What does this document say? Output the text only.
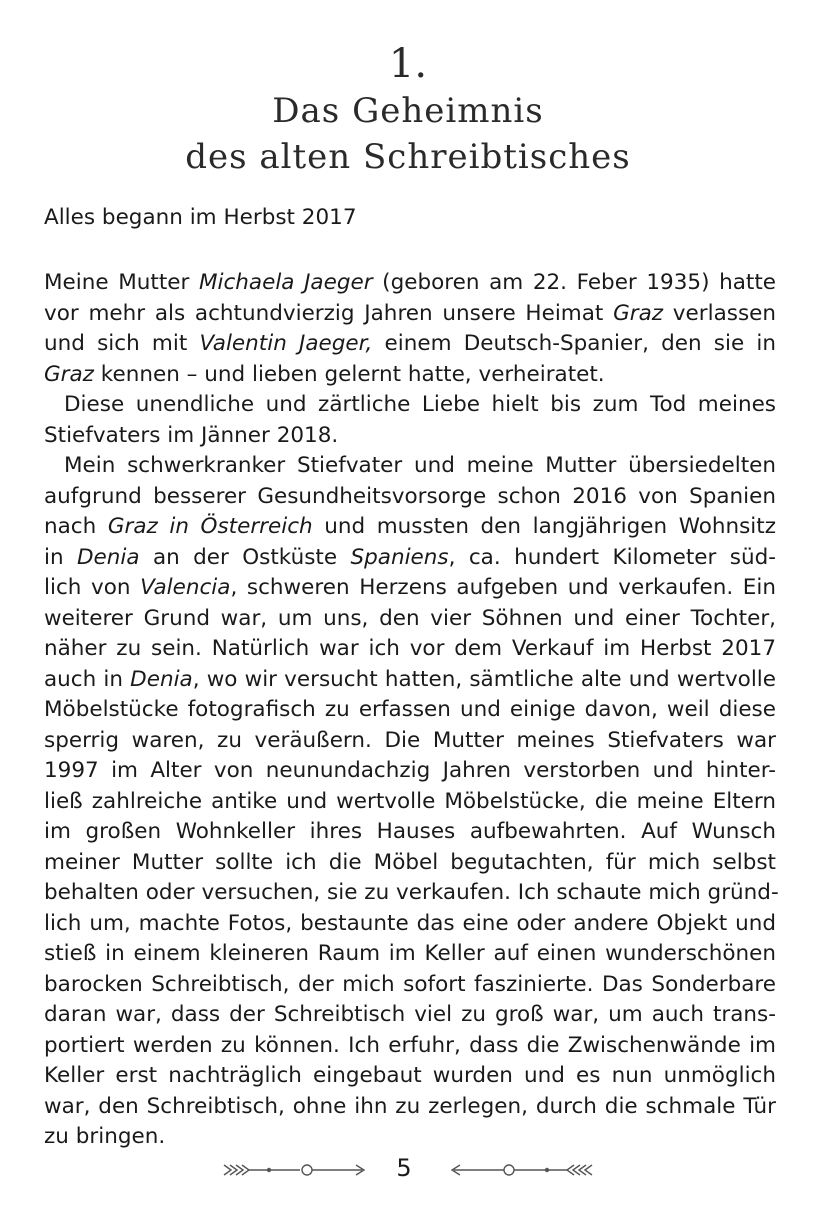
1.
Das Geheimnis
des alten Schreibtisches
Alles begann im Herbst 2017
Meine Mutter Michaela Jaeger (geboren am 22. Feber 1935) hatte
vor mehr als achtundvierzig Jahren unsere Heimat Graz verlassen
und sich mit Valentin Jaeger, einem Deutsch-Spanier, den sie in
Graz kennen – und lieben gelernt hatte, verheiratet.
Diese unendliche und zärtliche Liebe hielt bis zum Tod meines
Stiefvaters im Jänner 2018.
Mein schwerkranker Stiefvater und meine Mutter übersiedelten
aufgrund besserer Gesundheitsvorsorge schon 2016 von Spanien
nach Graz in Österreich und mussten den langjährigen Wohnsitz
in Denia an der Ostküste Spaniens, ca. hundert Kilometer süd-
lich von Valencia, schweren Herzens aufgeben und verkaufen. Ein
weiterer Grund war, um uns, den vier Söhnen und einer Tochter,
näher zu sein. Natürlich war ich vor dem Verkauf im Herbst 2017
auch in Denia, wo wir versucht hatten, sämtliche alte und wertvolle
Möbelstücke fotografisch zu erfassen und einige davon, weil diese
sperrig waren, zu veräußern. Die Mutter meines Stiefvaters war
1997 im Alter von neunundachzig Jahren verstorben und hinter-
ließ zahlreiche antike und wertvolle Möbelstücke, die meine Eltern
im großen Wohnkeller ihres Hauses aufbewahrten. Auf Wunsch
meiner Mutter sollte ich die Möbel begutachten, für mich selbst
behalten oder versuchen, sie zu verkaufen. Ich schaute mich gründ-
lich um, machte Fotos, bestaunte das eine oder andere Objekt und
stieß in einem kleineren Raum im Keller auf einen wunderschönen
barocken Schreibtisch, der mich sofort faszinierte. Das Sonderbare
daran war, dass der Schreibtisch viel zu groß war, um auch trans-
portiert werden zu können. Ich erfuhr, dass die Zwischenwände im
Keller erst nachträglich eingebaut wurden und es nun unmöglich
war, den Schreibtisch, ohne ihn zu zerlegen, durch die schmale Tür
zu bringen.
5
